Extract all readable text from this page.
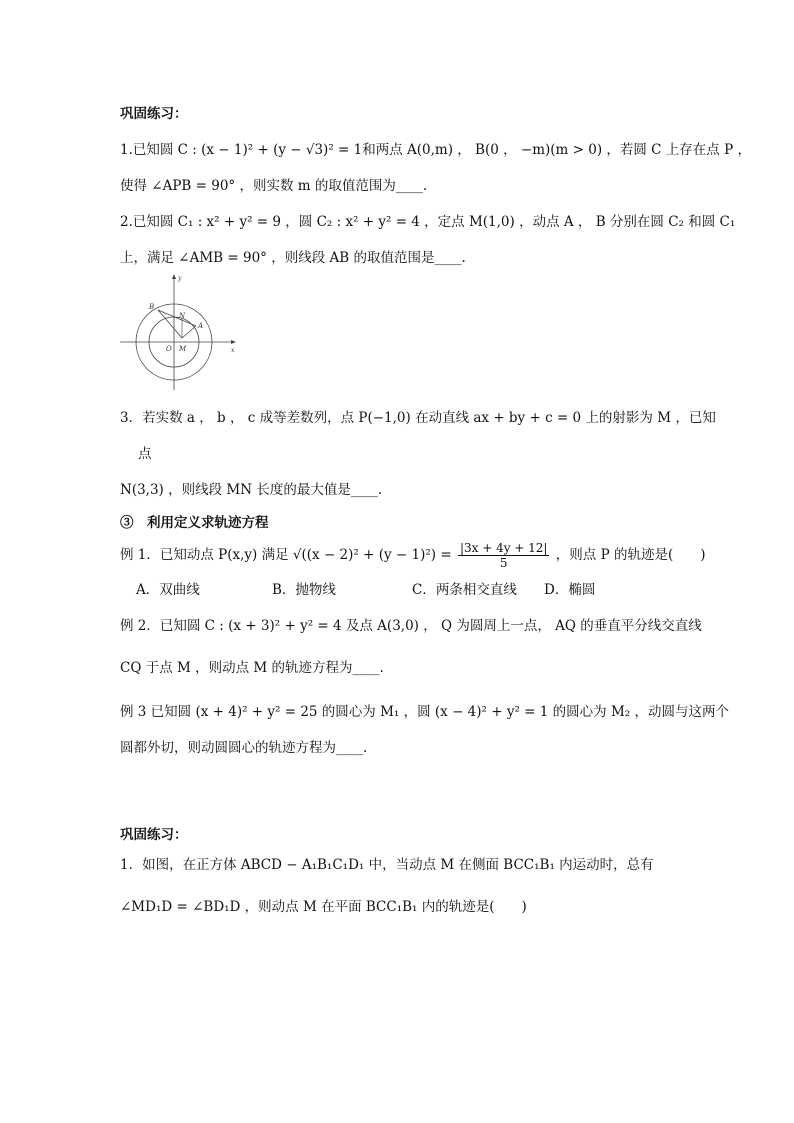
巩固练习：
1.已知圆 C : (x − 1)² + (y − √3)² = 1和两点 A(0,m) ， B(0 ， −m)(m > 0) ，若圆 C 上存在点 P ，
使得 ∠APB = 90° ，则实数 m 的取值范围为____.
2.已知圆 C₁ : x² + y² = 9 ，圆 C₂ : x² + y² = 4 ，定点 M(1,0) ，动点 A ， B 分别在圆 C₂ 和圆 C₁
上，满足 ∠AMB = 90° ，则线段 AB 的取值范围是____.
y
x
O M
A
B
N
3．若实数 a ， b ， c 成等差数列，点 P(−1,0) 在动直线 ax + by + c = 0 上的射影为 M ，已知
点
N(3,3) ，则线段 MN 长度的最大值是____.
③　利用定义求轨迹方程
例 1．已知动点 P(x,y) 满足 $√((x - 2)^2 + (y - 1)^2) = \frac{|3x + 4y + 12|}{5}$ ，则点 P 的轨迹是(　　)
A．双曲线	B．抛物线	C．两条相交直线 D．椭圆
例 2．已知圆 C : (x + 3)² + y² = 4 及点 A(3,0) ， Q 为圆周上一点， AQ 的垂直平分线交直线
CQ 于点 M ，则动点 M 的轨迹方程为____.
例 3 已知圆 (x + 4)² + y² = 25 的圆心为 M₁ ，圆 (x − 4)² + y² = 1 的圆心为 M₂ ，动圆与这两个
圆都外切，则动圆圆心的轨迹方程为____.
巩固练习：
1．如图，在正方体 ABCD − A₁B₁C₁D₁ 中，当动点 M 在侧面 BCC₁B₁ 内运动时，总有
∠MD₁D = ∠BD₁D ，则动点 M 在平面 BCC₁B₁ 内的轨迹是(　　)
